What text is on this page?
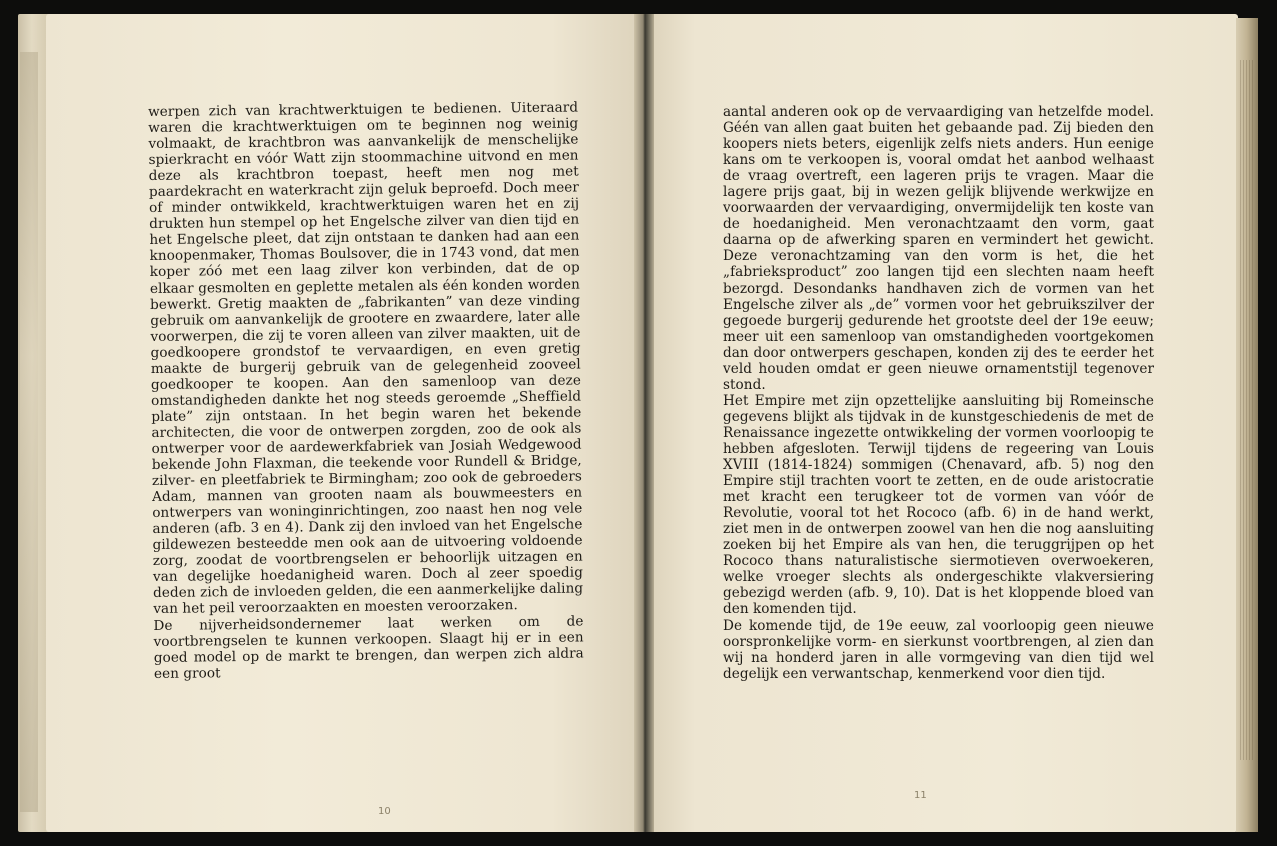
werpen zich van krachtwerktuigen te bedienen. Uiteraard waren die krachtwerktuigen om te beginnen nog weinig volmaakt, de krachtbron was aanvankelijk de menschelijke spierkracht en vóór Watt zijn stoommachine uitvond en men deze als krachtbron toepast, heeft men nog met paardekracht en waterkracht zijn geluk beproefd. Doch meer of minder ontwikkeld, krachtwerktuigen waren het en zij drukten hun stempel op het Engelsche zilver van dien tijd en het Engelsche pleet, dat zijn ontstaan te danken had aan een knoopenmaker, Thomas Boulsover, die in 1743 vond, dat men koper zóó met een laag zilver kon verbinden, dat de op elkaar gesmolten en geplette metalen als één konden worden bewerkt. Gretig maakten de „fabrikanten” van deze vinding gebruik om aanvankelijk de grootere en zwaardere, later alle voorwerpen, die zij te voren alleen van zilver maakten, uit de goedkoopere grondstof te vervaardigen, en even gretig maakte de burgerij gebruik van de gelegenheid zooveel goedkooper te koopen. Aan den samenloop van deze omstandigheden dankte het nog steeds geroemde „Sheffield plate” zijn ontstaan. In het begin waren het bekende architecten, die voor de ontwerpen zorgden, zoo de ook als ontwerper voor de aardewerkfabriek van Josiah Wedgewood bekende John Flaxman, die teekende voor Rundell & Bridge, zilver- en pleetfabriek te Birmingham; zoo ook de gebroeders Adam, mannen van grooten naam als bouwmeesters en ontwerpers van woninginrichtingen, zoo naast hen nog vele anderen (afb. 3 en 4). Dank zij den invloed van het Engelsche gildewezen besteedde men ook aan de uitvoering voldoende zorg, zoodat de voortbrengselen er behoorlijk uitzagen en van degelijke hoedanigheid waren. Doch al zeer spoedig deden zich de invloeden gelden, die een aanmerkelijke daling van het peil veroorzaakten en moesten veroorzaken.

De nijverheidsondernemer laat werken om de voortbrengselen te kunnen verkoopen. Slaagt hij er in een goed model op de markt te brengen, dan werpen zich aldra een groot

aantal anderen ook op de vervaardiging van hetzelfde model. Géén van allen gaat buiten het gebaande pad. Zij bieden den koopers niets beters, eigenlijk zelfs niets anders. Hun eenige kans om te verkoopen is, vooral omdat het aanbod welhaast de vraag overtreft, een lageren prijs te vragen. Maar die lagere prijs gaat, bij in wezen gelijk blijvende werkwijze en voorwaarden der vervaardiging, onvermijdelijk ten koste van de hoedanigheid. Men veronachtzaamt den vorm, gaat daarna op de afwerking sparen en vermindert het gewicht. Deze veronachtzaming van den vorm is het, die het „fabrieksproduct” zoo langen tijd een slechten naam heeft bezorgd. Desondanks handhaven zich de vormen van het Engelsche zilver als „de” vormen voor het gebruikszilver der gegoede burgerij gedurende het grootste deel der 19e eeuw; meer uit een samenloop van omstandigheden voortgekomen dan door ontwerpers geschapen, konden zij des te eerder het veld houden omdat er geen nieuwe ornamentstijl tegenover stond.

Het Empire met zijn opzettelijke aansluiting bij Romeinsche gegevens blijkt als tijdvak in de kunstgeschiedenis de met de Renaissance ingezette ontwikkeling der vormen voorloopig te hebben afgesloten. Terwijl tijdens de regeering van Louis XVIII (1814-1824) sommigen (Chenavard, afb. 5) nog den Empire stijl trachten voort te zetten, en de oude aristocratie met kracht een terugkeer tot de vormen van vóór de Revolutie, vooral tot het Rococo (afb. 6) in de hand werkt, ziet men in de ontwerpen zoowel van hen die nog aansluiting zoeken bij het Empire als van hen, die teruggrijpen op het Rococo thans naturalistische siermotieven overwoekeren, welke vroeger slechts als ondergeschikte vlakversiering gebezigd werden (afb. 9, 10). Dat is het kloppende bloed van den komenden tijd.

De komende tijd, de 19e eeuw, zal voorloopig geen nieuwe oorspronkelijke vorm- en sierkunst voortbrengen, al zien dan wij na honderd jaren in alle vormgeving van dien tijd wel degelijk een verwantschap, kenmerkend voor dien tijd.

10
11
